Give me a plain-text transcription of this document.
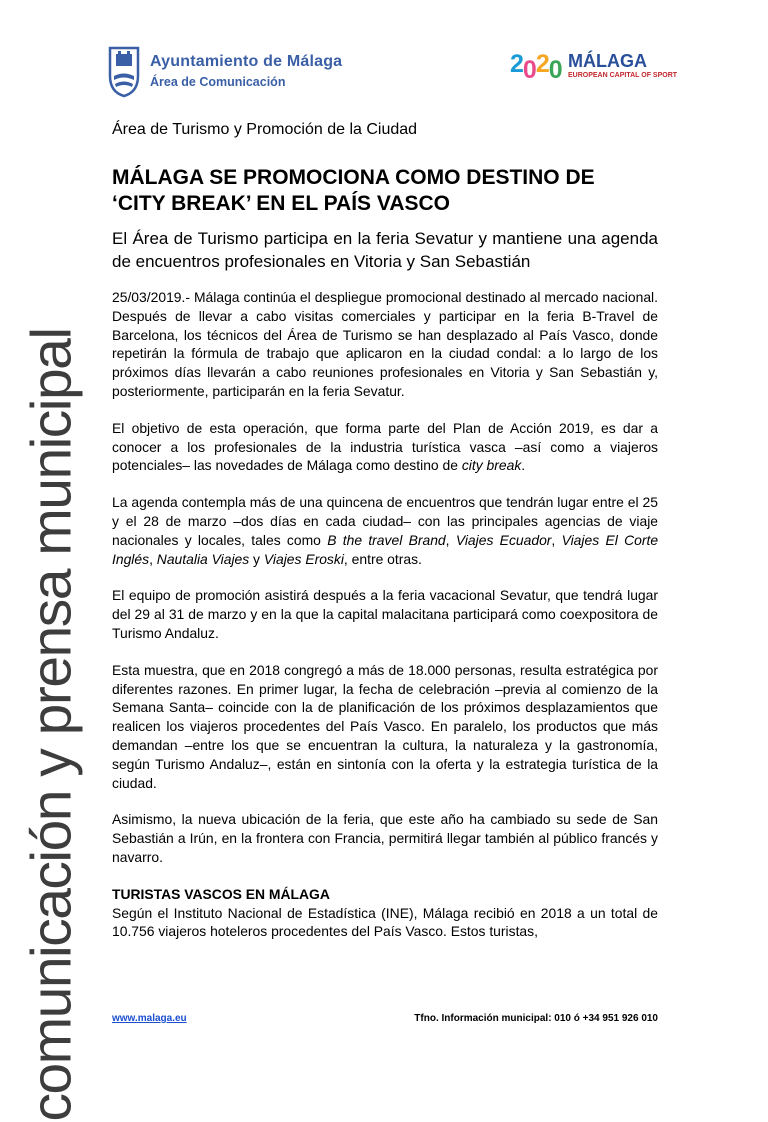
Ayuntamiento de Málaga
Área de Comunicación
2020 MÁLAGA
EUROPEAN CAPITAL OF SPORT
comunicación y prensa municipal

Área de Turismo y Promoción de la Ciudad

MÁLAGA SE PROMOCIONA COMO DESTINO DE
‘CITY BREAK’ EN EL PAÍS VASCO

El Área de Turismo participa en la feria Sevatur y mantiene una agenda de encuentros profesionales en Vitoria y San Sebastián

25/03/2019.- Málaga continúa el despliegue promocional destinado al mercado nacional. Después de llevar a cabo visitas comerciales y participar en la feria B-Travel de Barcelona, los técnicos del Área de Turismo se han desplazado al País Vasco, donde repetirán la fórmula de trabajo que aplicaron en la ciudad condal: a lo largo de los próximos días llevarán a cabo reuniones profesionales en Vitoria y San Sebastián y, posteriormente, participarán en la feria Sevatur.

El objetivo de esta operación, que forma parte del Plan de Acción 2019, es dar a conocer a los profesionales de la industria turística vasca –así como a viajeros potenciales– las novedades de Málaga como destino de city break.

La agenda contempla más de una quincena de encuentros que tendrán lugar entre el 25 y el 28 de marzo –dos días en cada ciudad– con las principales agencias de viaje nacionales y locales, tales como B the travel Brand, Viajes Ecuador, Viajes El Corte Inglés, Nautalia Viajes y Viajes Eroski, entre otras.

El equipo de promoción asistirá después a la feria vacacional Sevatur, que tendrá lugar del 29 al 31 de marzo y en la que la capital malacitana participará como coexpositora de Turismo Andaluz.

Esta muestra, que en 2018 congregó a más de 18.000 personas, resulta estratégica por diferentes razones. En primer lugar, la fecha de celebración –previa al comienzo de la Semana Santa– coincide con la de planificación de los próximos desplazamientos que realicen los viajeros procedentes del País Vasco. En paralelo, los productos que más demandan –entre los que se encuentran la cultura, la naturaleza y la gastronomía, según Turismo Andaluz–, están en sintonía con la oferta y la estrategia turística de la ciudad.

Asimismo, la nueva ubicación de la feria, que este año ha cambiado su sede de San Sebastián a Irún, en la frontera con Francia, permitirá llegar también al público francés y navarro.

TURISTAS VASCOS EN MÁLAGA

Según el Instituto Nacional de Estadística (INE), Málaga recibió en 2018 a un total de 10.756 viajeros hoteleros procedentes del País Vasco. Estos turistas,

www.malaga.eu	Tfno. Información municipal: 010 ó +34 951 926 010
